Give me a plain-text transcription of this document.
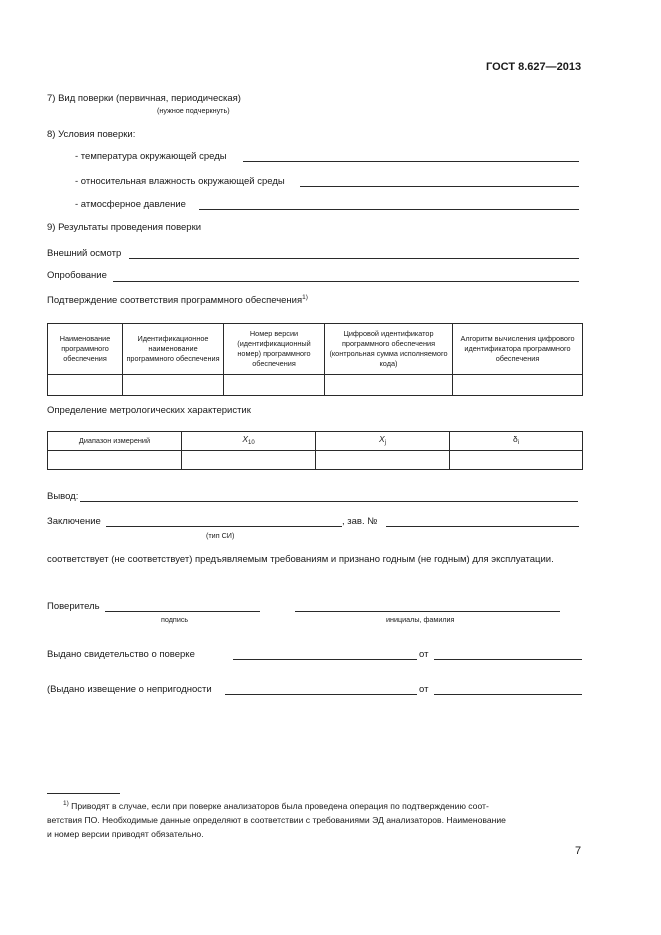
ГОСТ 8.627—2013
7) Вид поверки (первичная, периодическая)
(нужное подчеркнуть)
8) Условия поверки:
- температура окружающей среды
- относительная влажность окружающей среды
- атмосферное давление
9) Результаты проведения поверки
Внешний осмотр
Опробование
Подтверждение соответствия программного обеспечения$^{1)}$
Наименование программного обеспечения	Идентификационное наименование программного обеспечения	Номер версии (идентификационный номер) программного обеспечения	Цифровой идентификатор программного обеспечения (контрольная сумма исполняемого кода)	Алгоритм вычисления цифрового идентификатора программного обеспечения

Определение метрологических характеристик
Диапазон измерений	$X_{10}$	$X_j$	$\delta_i$

Вывод:
Заключение	, зав. №
(тип СИ)
соответствует (не соответствует) предъявляемым требованиям и признано годным (не годным) для эксплуатации.
Поверитель
подпись	инициалы, фамилия
Выдано свидетельство о поверке	от
(Выдано извещение о непригодности	от
$^{1)}$ Приводят в случае, если при поверке анализаторов была проведена операция по подтверждению соот-
ветствия ПО. Необходимые данные определяют в соответствии с требованиями ЭД анализаторов. Наименование
и номер версии приводят обязательно.
7
